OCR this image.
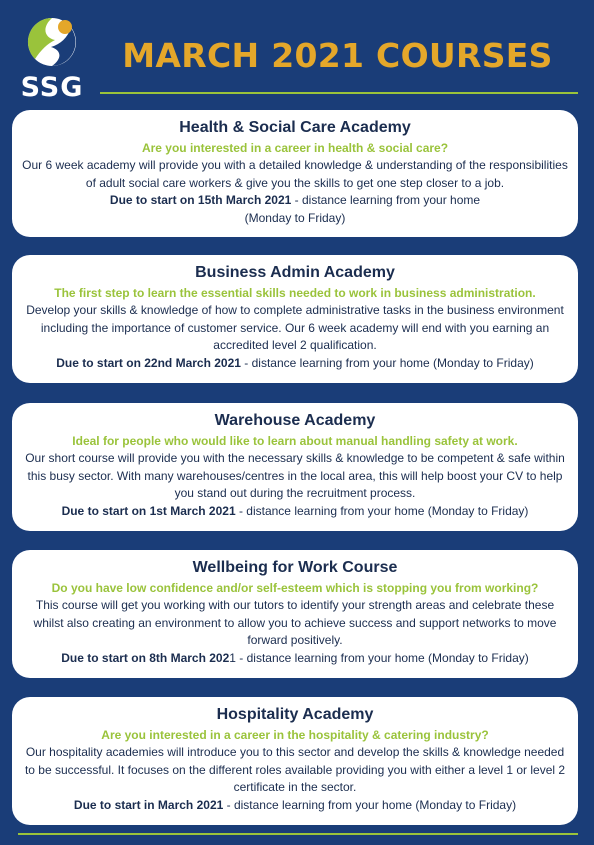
SSG
MARCH 2021 COURSES
Health & Social Care Academy
Are you interested in a career in health & social care?
Our 6 week academy will provide you with a detailed knowledge & understanding of the responsibilities of adult social care workers & give you the skills to get one step closer to a job.
Due to start on 15th March 2021 - distance learning from your home
(Monday to Friday)
Business Admin Academy
The first step to learn the essential skills needed to work in business administration.
Develop your skills & knowledge of how to complete administrative tasks in the business environment including the importance of customer service. Our 6 week academy will end with you earning an accredited level 2 qualification.
Due to start on 22nd March 2021 - distance learning from your home (Monday to Friday)
Warehouse Academy
Ideal for people who would like to learn about manual handling safety at work.
Our short course will provide you with the necessary skills & knowledge to be competent & safe within this busy sector. With many warehouses/centres in the local area, this will help boost your CV to help you stand out during the recruitment process.
Due to start on 1st March 2021 - distance learning from your home (Monday to Friday)
Wellbeing for Work Course
Do you have low confidence and/or self-esteem which is stopping you from working?
This course will get you working with our tutors to identify your strength areas and celebrate these whilst also creating an environment to allow you to achieve success and support networks to move forward positively.
Due to start on 8th March 2021 - distance learning from your home (Monday to Friday)
Hospitality Academy
Are you interested in a career in the hospitality & catering industry?
Our hospitality academies will introduce you to this sector and develop the skills & knowledge needed to be successful. It focuses on the different roles available providing you with either a level 1 or level 2 certificate in the sector.
Due to start in March 2021 - distance learning from your home (Monday to Friday)
